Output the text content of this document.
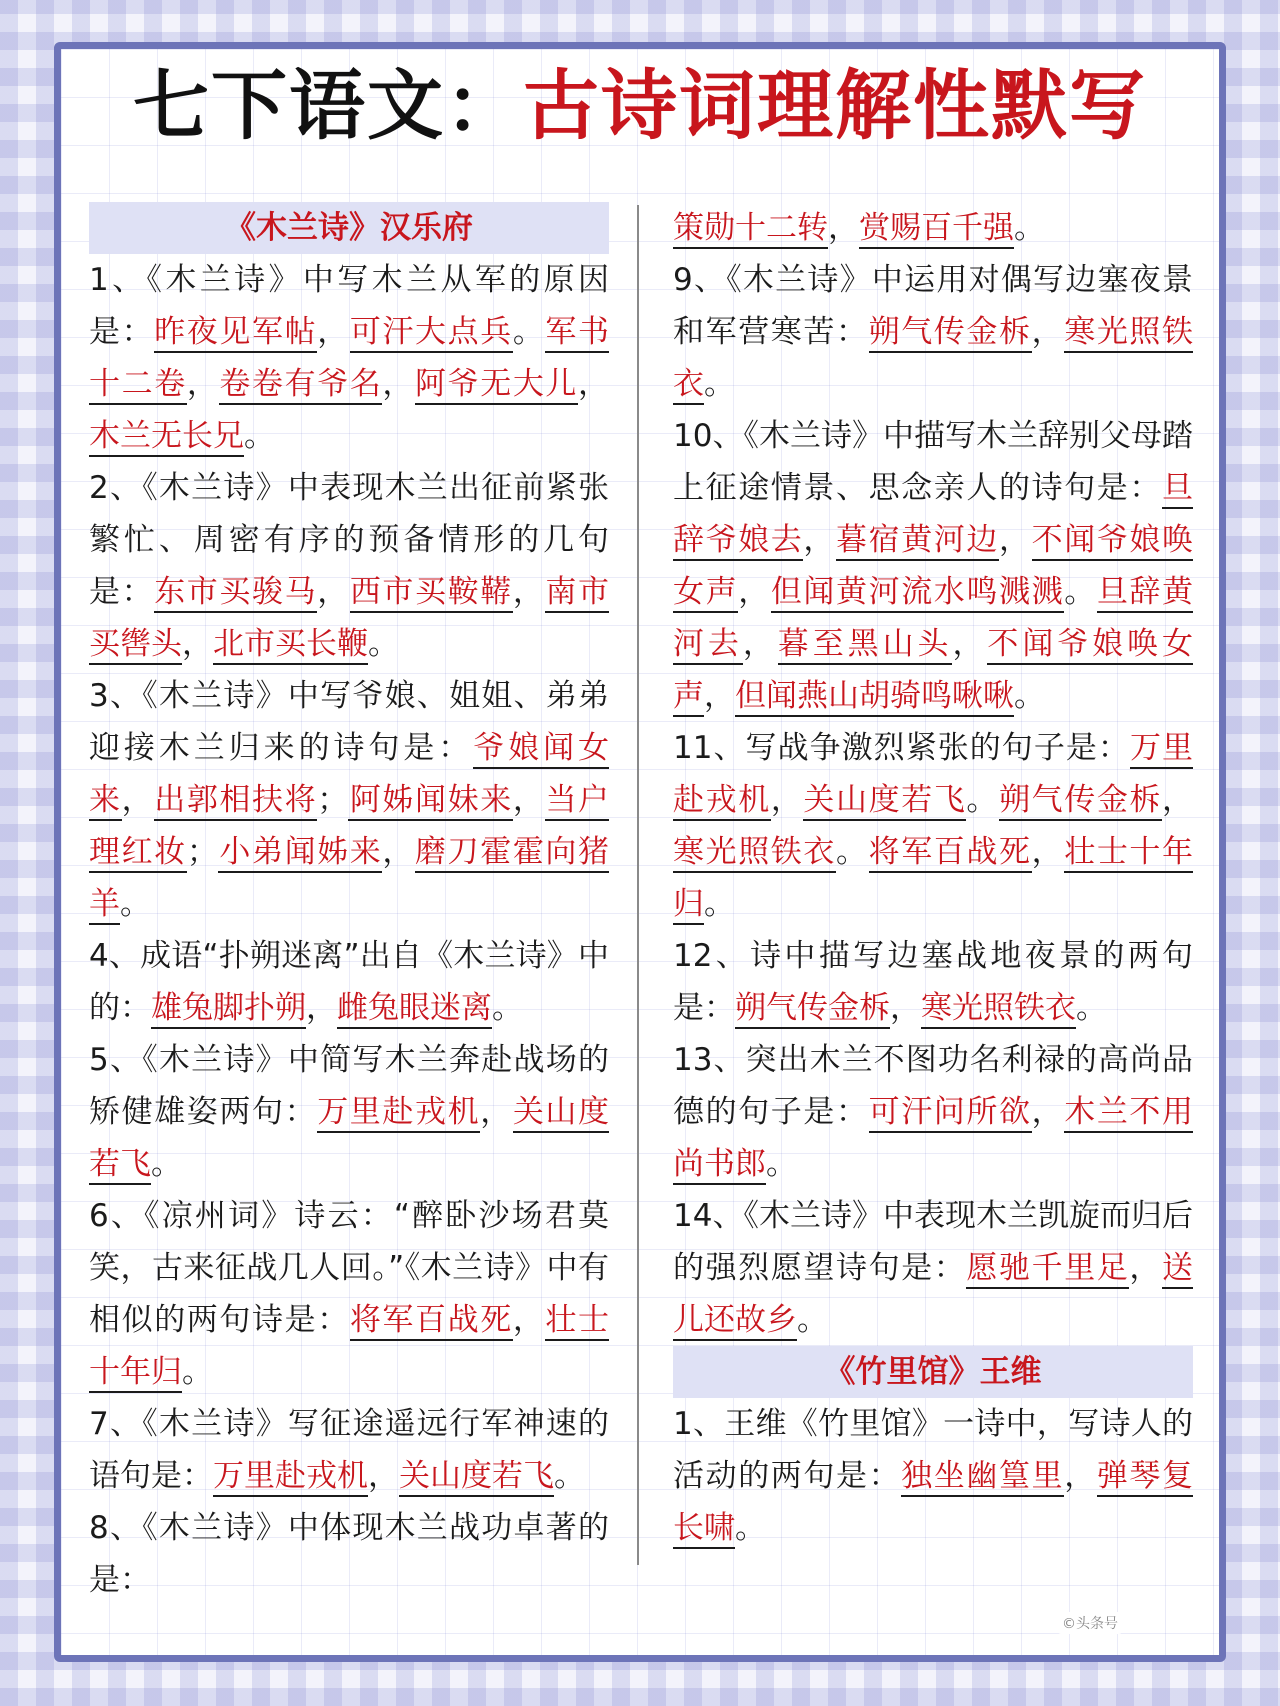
七下语文：古诗词理解性默写
《木兰诗》汉乐府

1、《木兰诗》中写木兰从军的原因是：昨夜见军帖，可汗大点兵。军书十二卷，卷卷有爷名，阿爷无大儿，木兰无长兄。

2、《木兰诗》中表现木兰出征前紧张繁忙、周密有序的预备情形的几句是：东市买骏马，西市买鞍鞯，南市买辔头，北市买长鞭。

3、《木兰诗》中写爷娘、姐姐、弟弟迎接木兰归来的诗句是：爷娘闻女来，出郭相扶将；阿姊闻妹来，当户理红妆；小弟闻姊来，磨刀霍霍向猪羊。

4、成语“扑朔迷离”出自《木兰诗》中的：雄兔脚扑朔，雌兔眼迷离。

5、《木兰诗》中简写木兰奔赴战场的矫健雄姿两句：万里赴戎机，关山度若飞。

6、《凉州词》诗云：“醉卧沙场君莫笑，古来征战几人回。”《木兰诗》中有相似的两句诗是：将军百战死，壮士十年归。

7、《木兰诗》写征途遥远行军神速的语句是：万里赴戎机，关山度若飞。

8、《木兰诗》中体现木兰战功卓著的是：

策勋十二转，赏赐百千强。

9、《木兰诗》中运用对偶写边塞夜景和军营寒苦：朔气传金柝，寒光照铁衣。

10、《木兰诗》中描写木兰辞别父母踏上征途情景、思念亲人的诗句是：旦辞爷娘去，暮宿黄河边，不闻爷娘唤女声，但闻黄河流水鸣溅溅。旦辞黄河去，暮至黑山头，不闻爷娘唤女声，但闻燕山胡骑鸣啾啾。

11、写战争激烈紧张的句子是：万里赴戎机，关山度若飞。朔气传金柝，寒光照铁衣。将军百战死，壮士十年归。

12、诗中描写边塞战地夜景的两句是：朔气传金柝，寒光照铁衣。

13、突出木兰不图功名利禄的高尚品德的句子是：可汗问所欲，木兰不用尚书郎。

14、《木兰诗》中表现木兰凯旋而归后的强烈愿望诗句是：愿驰千里足，送儿还故乡。

《竹里馆》王维

1、王维《竹里馆》一诗中，写诗人的活动的两句是：独坐幽篁里，弹琴复长啸。

©头条号
